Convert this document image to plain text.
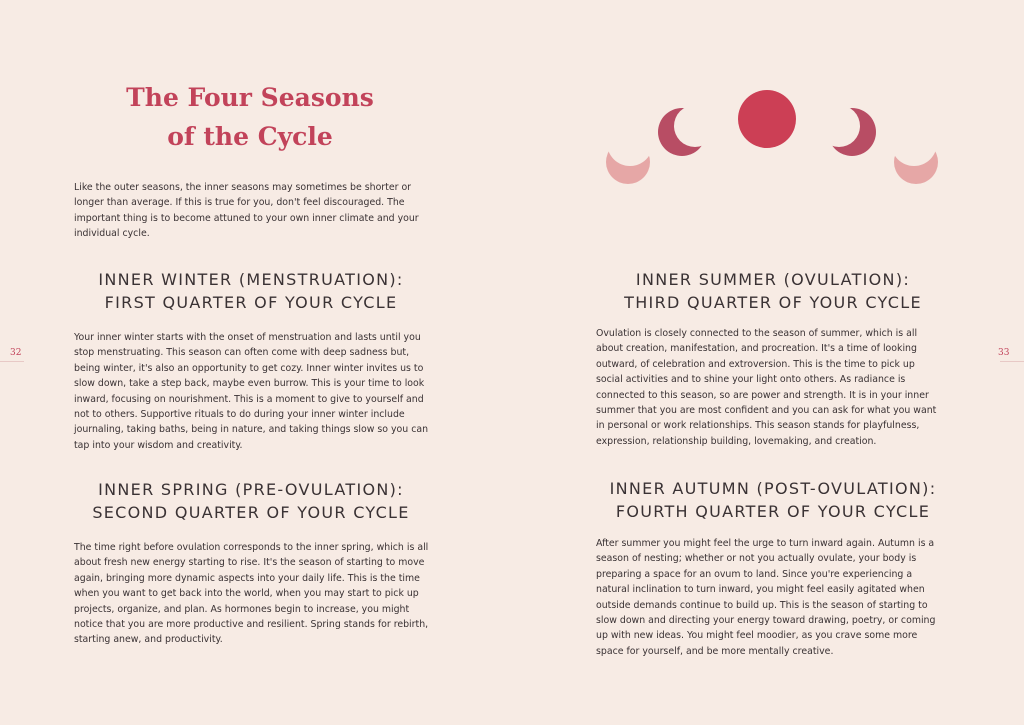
The Four Seasons
of the Cycle

Like the outer seasons, the inner seasons may sometimes be shorter or longer than average. If this is true for you, don't feel discouraged. The important thing is to become attuned to your own inner climate and your individual cycle.

INNER WINTER (MENSTRUATION):
FIRST QUARTER OF YOUR CYCLE

Your inner winter starts with the onset of menstruation and lasts until you stop menstruating. This season can often come with deep sadness but, being winter, it's also an opportunity to get cozy. Inner winter invites us to slow down, take a step back, maybe even burrow. This is your time to look inward, focusing on nourishment. This is a moment to give to yourself and not to others. Supportive rituals to do during your inner winter include journaling, taking baths, being in nature, and taking things slow so you can tap into your wisdom and creativity.

INNER SPRING (PRE-OVULATION):
SECOND QUARTER OF YOUR CYCLE

The time right before ovulation corresponds to the inner spring, which is all about fresh new energy starting to rise. It's the season of starting to move again, bringing more dynamic aspects into your daily life. This is the time when you want to get back into the world, when you may start to pick up projects, organize, and plan. As hormones begin to increase, you might notice that you are more productive and resilient. Spring stands for rebirth, starting anew, and productivity.

32
INNER SUMMER (OVULATION):
THIRD QUARTER OF YOUR CYCLE

Ovulation is closely connected to the season of summer, which is all about creation, manifestation, and procreation. It's a time of looking outward, of celebration and extroversion. This is the time to pick up social activities and to shine your light onto others. As radiance is connected to this season, so are power and strength. It is in your inner summer that you are most confident and you can ask for what you want in personal or work relationships. This season stands for playfulness, expression, relationship building, lovemaking, and creation.

INNER AUTUMN (POST-OVULATION):
FOURTH QUARTER OF YOUR CYCLE

After summer you might feel the urge to turn inward again. Autumn is a season of nesting; whether or not you actually ovulate, your body is preparing a space for an ovum to land. Since you're experiencing a natural inclination to turn inward, you might feel easily agitated when outside demands continue to build up. This is the season of starting to slow down and directing your energy toward drawing, poetry, or coming up with new ideas. You might feel moodier, as you crave some more space for yourself, and be more mentally creative.

33
